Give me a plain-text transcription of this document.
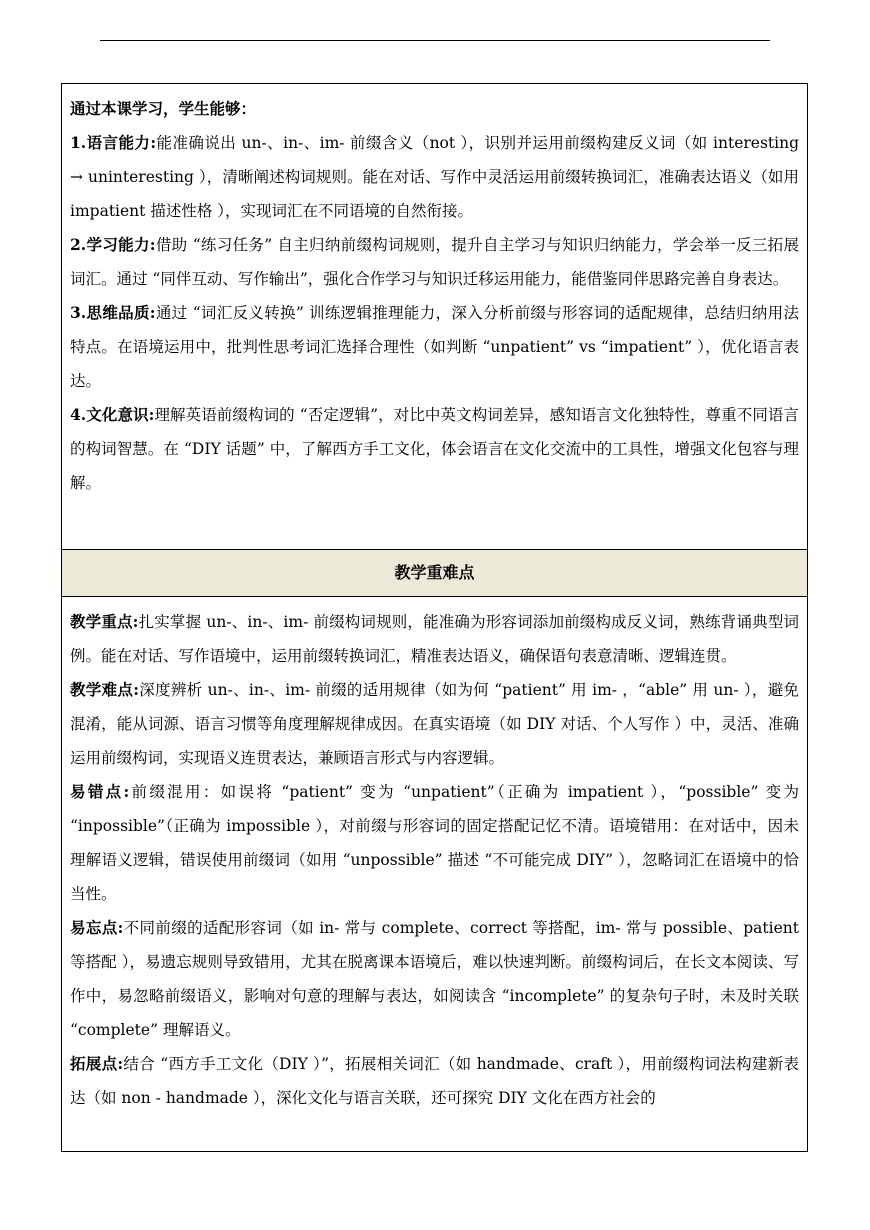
通过本课学习，学生能够：

1.语言能力:能准确说出 un-、in-、im- 前缀含义（not ），识别并运用前缀构建反义词（如 interesting → uninteresting ），清晰阐述构词规则。能在对话、写作中灵活运用前缀转换词汇，准确表达语义（如用 impatient 描述性格 ），实现词汇在不同语境的自然衔接。

2.学习能力:借助 “练习任务” 自主归纳前缀构词规则，提升自主学习与知识归纳能力，学会举一反三拓展词汇。通过 “同伴互动、写作输出”，强化合作学习与知识迁移运用能力，能借鉴同伴思路完善自身表达。

3.思维品质:通过 “词汇反义转换” 训练逻辑推理能力，深入分析前缀与形容词的适配规律，总结归纳用法特点。在语境运用中，批判性思考词汇选择合理性（如判断 “unpatient” vs “impatient” ），优化语言表达。

4.文化意识:理解英语前缀构词的 “否定逻辑”，对比中英文构词差异，感知语言文化独特性，尊重不同语言的构词智慧。在 “DIY 话题” 中，了解西方手工文化，体会语言在文化交流中的工具性，增强文化包容与理解。

教学重难点

教学重点:扎实掌握 un-、in-、im- 前缀构词规则，能准确为形容词添加前缀构成反义词，熟练背诵典型词例。能在对话、写作语境中，运用前缀转换词汇，精准表达语义，确保语句表意清晰、逻辑连贯。

教学难点:深度辨析 un-、in-、im- 前缀的适用规律（如为何 “patient” 用 im- ，“able” 用 un- ），避免混淆，能从词源、语言习惯等角度理解规律成因。在真实语境（如 DIY 对话、个人写作 ）中，灵活、准确运用前缀构词，实现语义连贯表达，兼顾语言形式与内容逻辑。

易错点:前缀混用：如误将 “patient” 变为 “unpatient”（正确为 impatient ），“possible” 变为 “inpossible”（正确为 impossible ），对前缀与形容词的固定搭配记忆不清。语境错用：在对话中，因未理解语义逻辑，错误使用前缀词（如用 “unpossible” 描述 “不可能完成 DIY” ），忽略词汇在语境中的恰当性。

易忘点:不同前缀的适配形容词（如 in- 常与 complete、correct 等搭配，im- 常与 possible、patient 等搭配 ），易遗忘规则导致错用，尤其在脱离课本语境后，难以快速判断。前缀构词后，在长文本阅读、写作中，易忽略前缀语义，影响对句意的理解与表达，如阅读含 “incomplete” 的复杂句子时，未及时关联 “complete” 理解语义。

拓展点:结合 “西方手工文化（DIY ）”，拓展相关词汇（如 handmade、craft ），用前缀构词法构建新表达（如 non - handmade ），深化文化与语言关联，还可探究 DIY 文化在西方社会的
